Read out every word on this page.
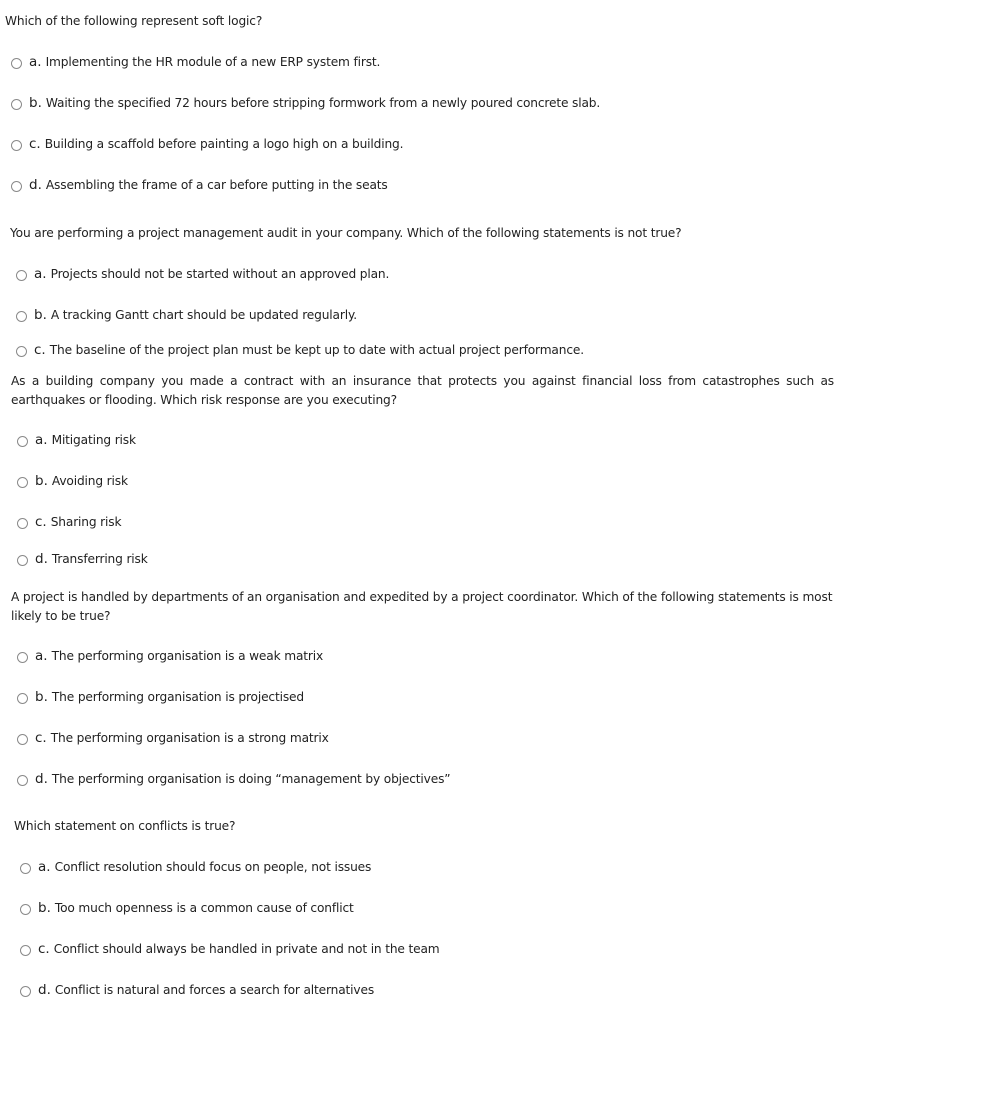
Which of the following represent soft logic?

a. Implementing the HR module of a new ERP system first.
b. Waiting the specified 72 hours before stripping formwork from a newly poured concrete slab.
c. Building a scaffold before painting a logo high on a building.
d. Assembling the frame of a car before putting in the seats

You are performing a project management audit in your company. Which of the following statements is not true?

a. Projects should not be started without an approved plan.
b. A tracking Gantt chart should be updated regularly.
c. The baseline of the project plan must be kept up to date with actual project performance.

As a building company you made a contract with an insurance that protects you against financial loss from catastrophes such as earthquakes or flooding. Which risk response are you executing?

a. Mitigating risk
b. Avoiding risk
c. Sharing risk
d. Transferring risk

A project is handled by departments of an organisation and expedited by a project coordinator. Which of the following statements is most likely to be true?

a. The performing organisation is a weak matrix
b. The performing organisation is projectised
c. The performing organisation is a strong matrix
d. The performing organisation is doing “management by objectives”

Which statement on conflicts is true?

a. Conflict resolution should focus on people, not issues
b. Too much openness is a common cause of conflict
c. Conflict should always be handled in private and not in the team
d. Conflict is natural and forces a search for alternatives
